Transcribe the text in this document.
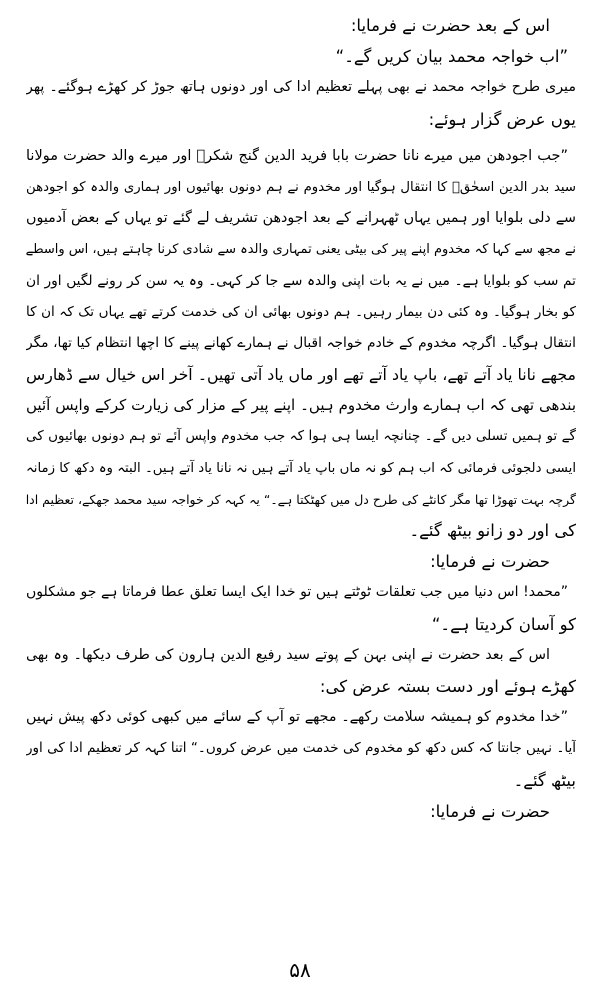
اس کے بعد حضرت نے فرمایا:
”اب خواجہ محمد بیان کریں گے۔“
میری طرح خواجہ محمد نے بھی پہلے تعظیم ادا کی اور دونوں ہاتھ جوڑ کر کھڑے ہوگئے۔ پھر
یوں عرض گزار ہوئے:
”جب اجودھن میں میرے نانا حضرت بابا فرید الدین گنج شکرؒ اور میرے والد حضرت مولانا
سید بدر الدین اسحٰقؒ کا انتقال ہوگیا اور مخدوم نے ہم دونوں بھائیوں اور ہماری والدہ کو اجودھن
سے دلی بلوایا اور ہمیں یہاں ٹھہرانے کے بعد اجودھن تشریف لے گئے تو یہاں کے بعض آدمیوں
نے مجھ سے کہا کہ مخدوم اپنے پیر کی بیٹی یعنی تمہاری والدہ سے شادی کرنا چاہتے ہیں، اس واسطے
تم سب کو بلوایا ہے۔ میں نے یہ بات اپنی والدہ سے جا کر کہی۔ وہ یہ سن کر رونے لگیں اور ان
کو بخار ہوگیا۔ وہ کئی دن بیمار رہیں۔ ہم دونوں بھائی ان کی خدمت کرتے تھے یہاں تک کہ ان کا
انتقال ہوگیا۔ اگرچہ مخدوم کے خادم خواجہ اقبال نے ہمارے کھانے پینے کا اچھا انتظام کیا تھا، مگر
مجھے نانا یاد آتے تھے، باپ یاد آتے تھے اور ماں یاد آتی تھیں۔ آخر اس خیال سے ڈھارس
بندھی تھی کہ اب ہمارے وارث مخدوم ہیں۔ اپنے پیر کے مزار کی زیارت کرکے واپس آئیں
گے تو ہمیں تسلی دیں گے۔ چنانچہ ایسا ہی ہوا کہ جب مخدوم واپس آئے تو ہم دونوں بھائیوں کی
ایسی دلجوئی فرمائی کہ اب ہم کو نہ ماں باپ یاد آتے ہیں نہ نانا یاد آتے ہیں۔ البتہ وہ دکھ کا زمانہ
گرچہ بہت تھوڑا تھا مگر کانٹے کی طرح دل میں کھٹکتا ہے۔“ یہ کہہ کر خواجہ سید محمد جھکے، تعظیم ادا
کی اور دو زانو بیٹھ گئے۔
حضرت نے فرمایا:
”محمد! اس دنیا میں جب تعلقات ٹوٹتے ہیں تو خدا ایک ایسا تعلق عطا فرماتا ہے جو مشکلوں
کو آسان کردیتا ہے۔“
اس کے بعد حضرت نے اپنی بہن کے پوتے سید رفیع الدین ہارون کی طرف دیکھا۔ وہ بھی
کھڑے ہوئے اور دست بستہ عرض کی:
”خدا مخدوم کو ہمیشہ سلامت رکھے۔ مجھے تو آپ کے سائے میں کبھی کوئی دکھ پیش نہیں
آیا۔ نہیں جانتا کہ کس دکھ کو مخدوم کی خدمت میں عرض کروں۔“ اتنا کہہ کر تعظیم ادا کی اور
بیٹھ گئے۔
حضرت نے فرمایا:
۵۸
